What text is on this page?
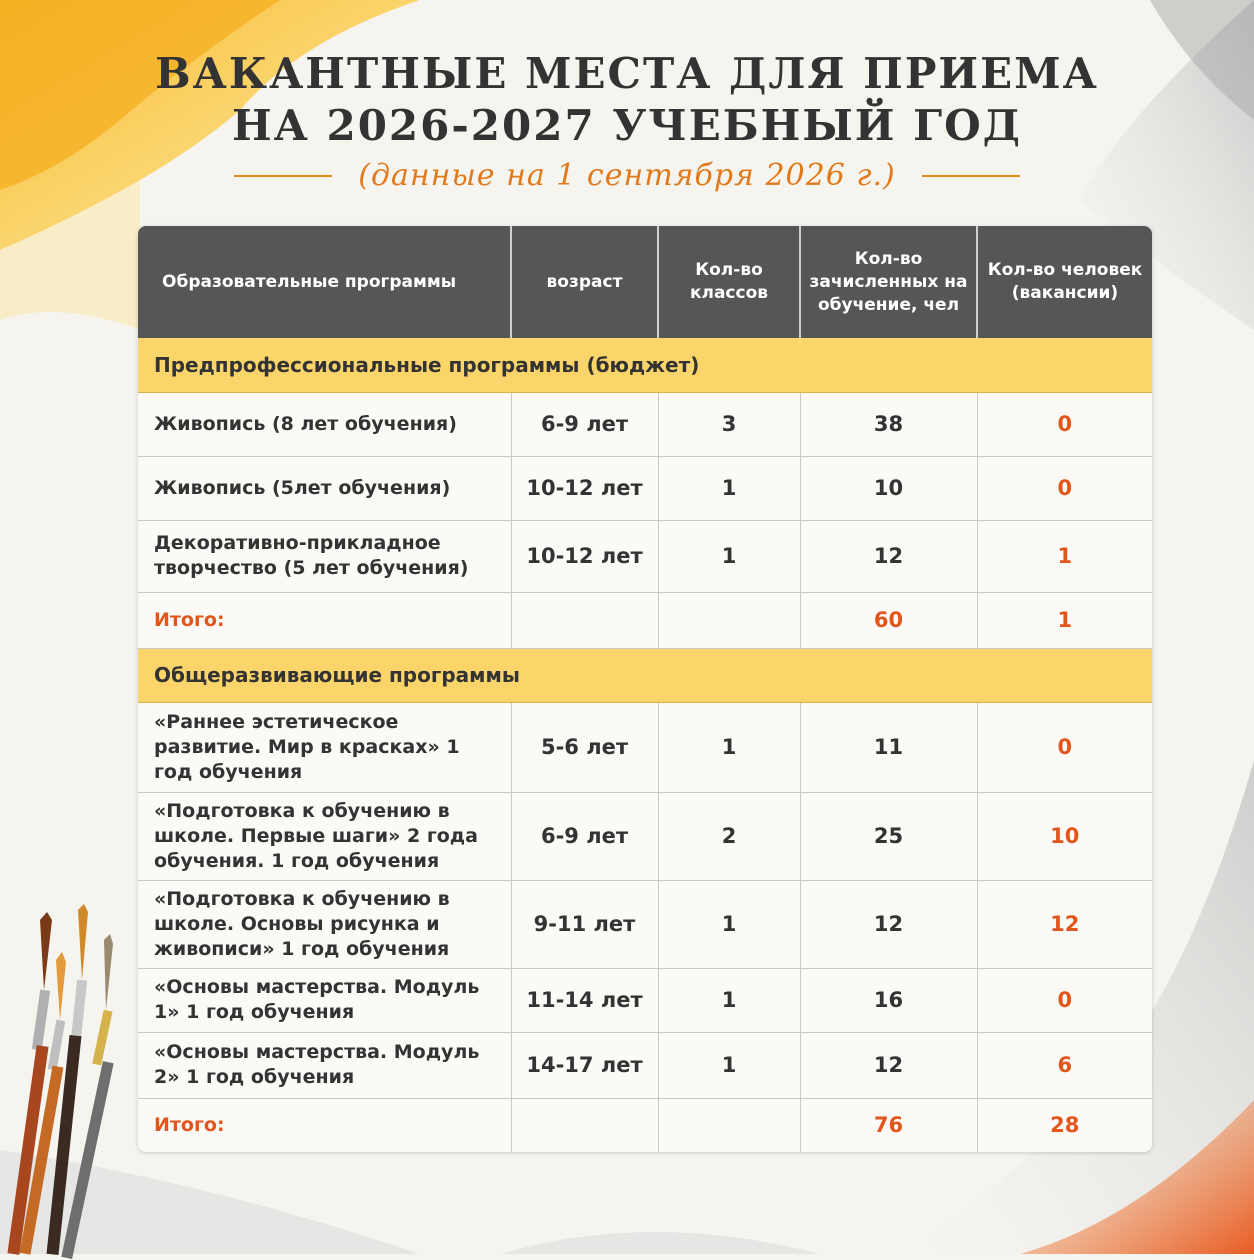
ВАКАНТНЫЕ МЕСТА ДЛЯ ПРИЕМА
НА 2026-2027 УЧЕБНЫЙ ГОД
(данные на 1 сентября 2026 г.)
Образовательные программы	возраст	Кол-во классов	Кол-во зачисленных на обучение, чел	Кол-во человек (вакансии)
Предпрофессиональные программы (бюджет)				
Живопись (8 лет обучения)	6-9 лет	3	38	0
Живопись (5лет обучения)	10-12 лет	1	10	0
Декоративно-прикладное творчество (5 лет обучения)	10-12 лет	1	12	1
Итого:			60	1
Общеразвивающие программы				
«Раннее эстетическое развитие. Мир в красках» 1 год обучения	5-6 лет	1	11	0
«Подготовка к обучению в школе. Первые шаги» 2 года обучения. 1 год обучения	6-9 лет	2	25	10
«Подготовка к обучению в школе. Основы рисунка и живописи» 1 год обучения	9-11 лет	1	12	12
«Основы мастерства. Модуль 1» 1 год обучения	11-14 лет	1	16	0
«Основы мастерства. Модуль 2» 1 год обучения	14-17 лет	1	12	6
Итого:			76	28
